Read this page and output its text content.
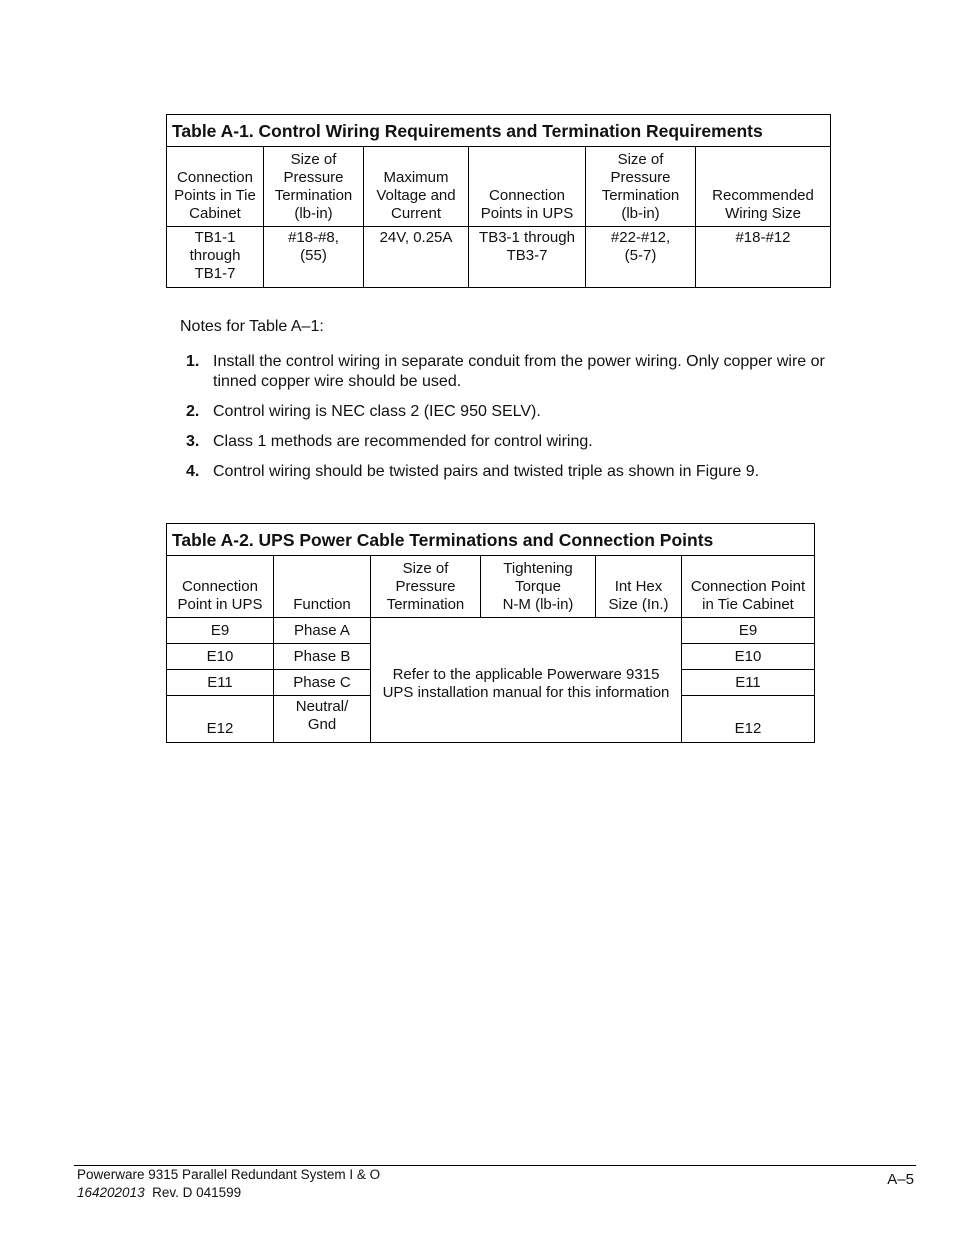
Table A-1. Control Wiring Requirements and Termination Requirements					
Connection
Points in Tie
Cabinet	Size of
Pressure
Termination
(lb-in)	Maximum
Voltage and
Current	Connection
Points in UPS	Size of
Pressure
Termination
(lb-in)	Recommended
Wiring Size
TB1-1
through
TB1-7	#18-#8,
(55)	24V, 0.25A	TB3-1 through
TB3-7	#22-#12,
(5-7)	#18-#12
Notes for Table A–1:
1. Install the control wiring in separate conduit from the power wiring. Only copper wire or tinned copper wire should be used.
2. Control wiring is NEC class 2 (IEC 950 SELV).
3. Class 1 methods are recommended for control wiring.
4. Control wiring should be twisted pairs and twisted triple as shown in Figure 9.
Table A-2. UPS Power Cable Terminations and Connection Points					
Connection
Point in UPS	Function	Size of
Pressure
Termination	Tightening
Torque
N-M (lb-in)	Int Hex
Size (In.)	Connection Point
in Tie Cabinet
E9	Phase A	Refer to the applicable Powerware 9315
UPS installation manual for this information			E9
E10	Phase B				E10
E11	Phase C				E11
E12	Neutral/
Gnd				E12
Powerware 9315 Parallel Redundant System I & O
164202013 Rev. D 041599
A–5
